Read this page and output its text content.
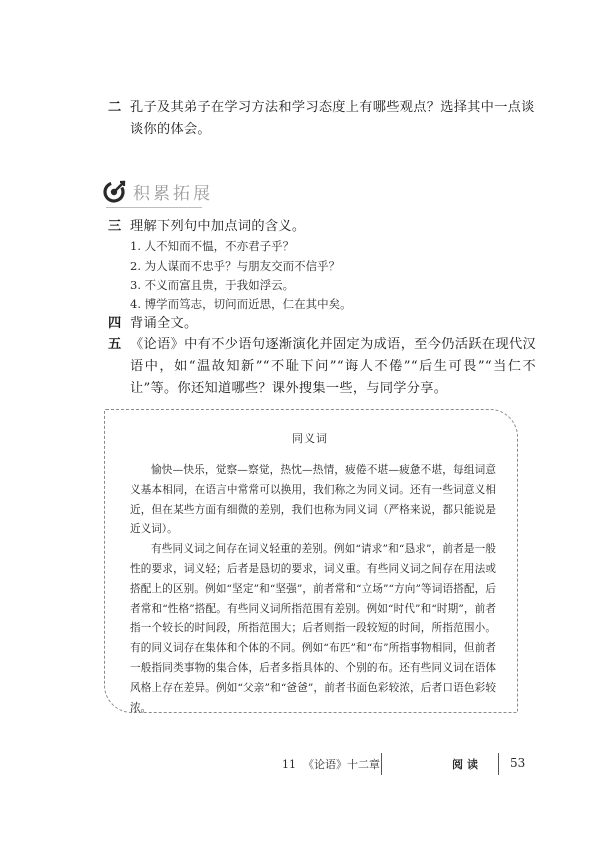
二 孔子及其弟子在学习方法和学习态度上有哪些观点？选择其中一点谈谈你的体会。
积累拓展
三 理解下列句中加点词的含义。
1. 人不知而不愠，不亦君子乎？
2. 为人谋而不忠乎？与朋友交而不信乎？
3. 不义而富且贵，于我如浮云。
4. 博学而笃志，切问而近思，仁在其中矣。
四 背诵全文。
五 《论语》中有不少语句逐渐演化并固定为成语，至今仍活跃在现代汉语中，如“温故知新”“不耻下问”“诲人不倦”“后生可畏”“当仁不让”等。你还知道哪些？课外搜集一些，与同学分享。
同义词

愉快—快乐，觉察—察觉，热忱—热情，疲倦不堪—疲惫不堪，每组词意义基本相同，在语言中常常可以换用，我们称之为同义词。还有一些词意义相近，但在某些方面有细微的差别，我们也称为同义词（严格来说，都只能说是近义词）。

有些同义词之间存在词义轻重的差别。例如“请求”和“恳求”，前者是一般性的要求，词义轻；后者是恳切的要求，词义重。有些同义词之间存在用法或搭配上的区别。例如“坚定”和“坚强”，前者常和“立场”“方向”等词语搭配，后者常和“性格”搭配。有些同义词所指范围有差别。例如“时代”和“时期”，前者指一个较长的时间段，所指范围大；后者则指一段较短的时间，所指范围小。有的同义词存在集体和个体的不同。例如“布匹”和“布”所指事物相同，但前者一般指同类事物的集合体，后者多指具体的、个别的布。还有些同义词在语体风格上存在差异。例如“父亲”和“爸爸”，前者书面色彩较浓，后者口语色彩较浓。

11 《论语》十二章	阅读 53
